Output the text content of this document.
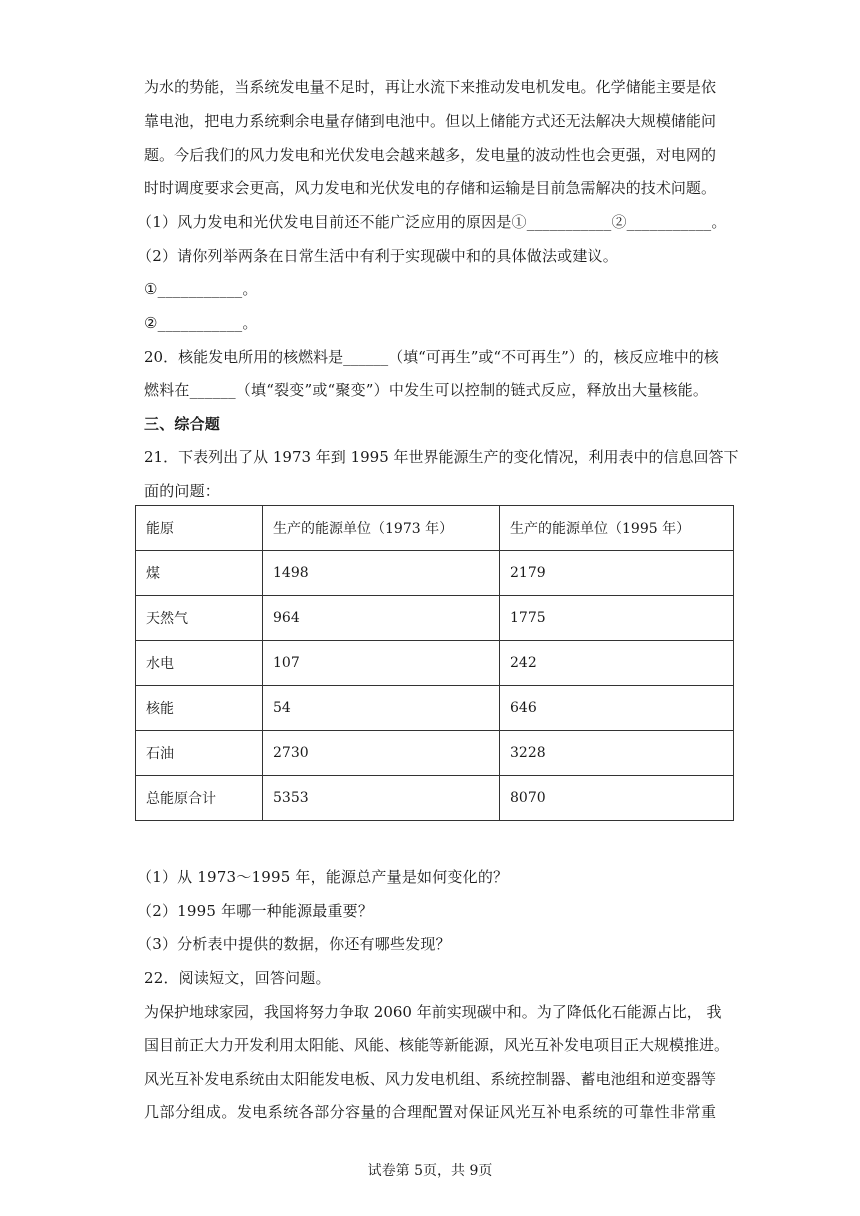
为水的势能，当系统发电量不足时，再让水流下来推动发电机发电。化学储能主要是依
靠电池，把电力系统剩余电量存储到电池中。但以上储能方式还无法解决大规模储能问
题。今后我们的风力发电和光伏发电会越来越多，发电量的波动性也会更强，对电网的
时时调度要求会更高，风力发电和光伏发电的存储和运输是目前急需解决的技术问题。
（1）风力发电和光伏发电目前还不能广泛应用的原因是①___________②___________。
（2）请你列举两条在日常生活中有利于实现碳中和的具体做法或建议。
①___________。
②___________。
20．核能发电所用的核燃料是______（填“可再生”或“不可再生”）的，核反应堆中的核
燃料在______（填“裂变”或“聚变”）中发生可以控制的链式反应，释放出大量核能。
三、综合题
21．下表列出了从 1973 年到 1995 年世界能源生产的变化情况，利用表中的信息回答下
面的问题：
能原	生产的能源单位（1973 年）	生产的能源单位（1995 年）
煤	1498	2179
天然气	964	1775
水电	107	242
核能	54	646
石油	2730	3228
总能原合计	5353	8070
（1）从 1973～1995 年，能源总产量是如何变化的？
（2）1995 年哪一种能源最重要？
（3）分析表中提供的数据，你还有哪些发现？
22．阅读短文，回答问题。
为保护地球家园，我国将努力争取 2060 年前实现碳中和。为了降低化石能源占比， 我
国目前正大力开发利用太阳能、风能、核能等新能源，风光互补发电项目正大规模推进。
风光互补发电系统由太阳能发电板、风力发电机组、系统控制器、蓄电池组和逆变器等
几部分组成。发电系统各部分容量的合理配置对保证风光互补电系统的可靠性非常重
试卷第 5页，共 9页
